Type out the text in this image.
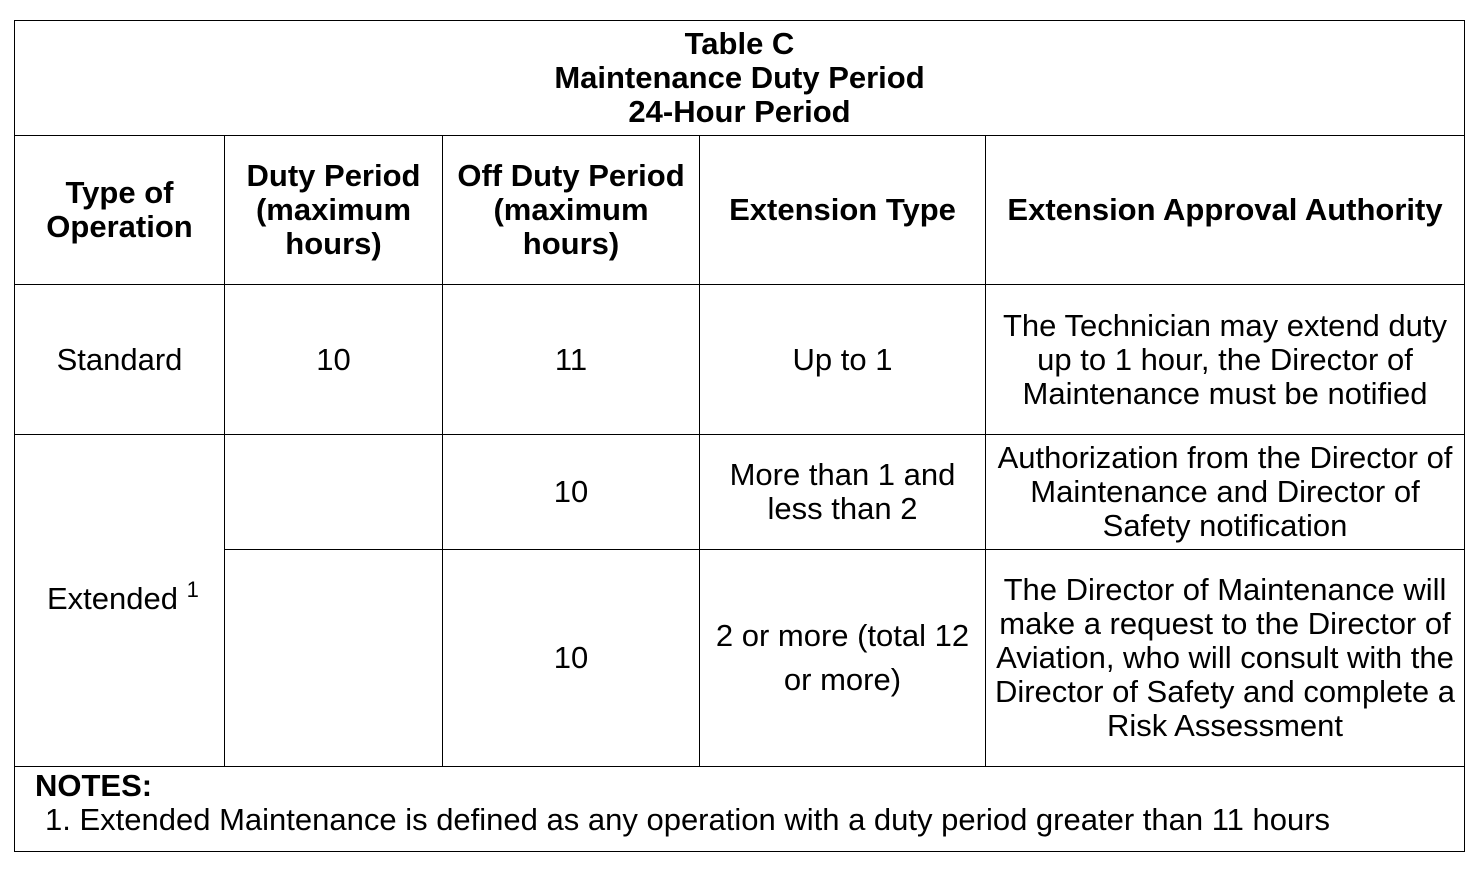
Table C
Maintenance Duty Period
24-Hour Period				

Type of Operation	Duty Period (maximum hours)	Off Duty Period (maximum hours)	Extension Type	Extension Approval Authority
Standard	10	11	Up to 1	The Technician may extend duty up to 1 hour, the Director of Maintenance must be notified
Extended $^1$		10	More than 1 and less than 2	Authorization from the Director of Maintenance and Director of Safety notification
		10	2 or more (total 12 or more)	The Director of Maintenance will make a request to the Director of Aviation, who will consult with the Director of Safety and complete a Risk Assessment

NOTES:
1. Extended Maintenance is defined as any operation with a duty period greater than 11 hours				
